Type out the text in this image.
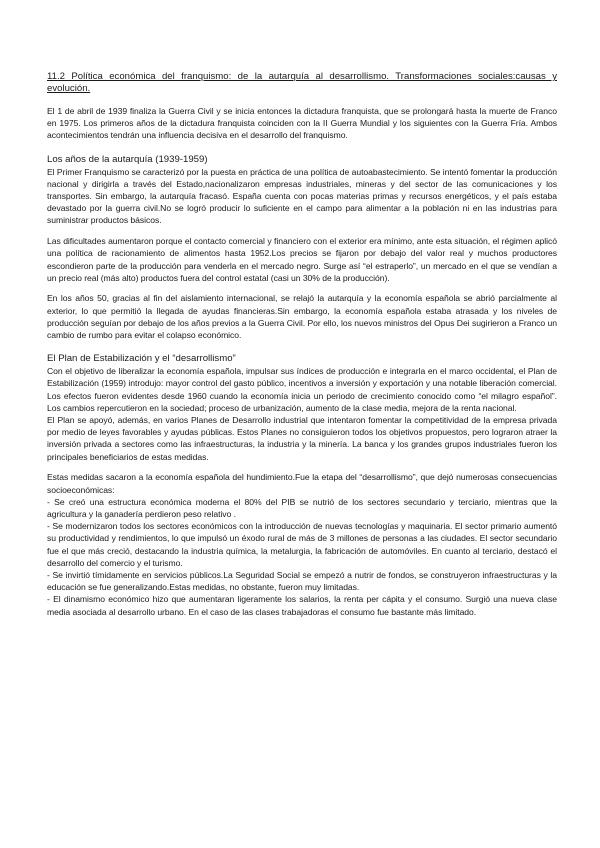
11.2 Política económica del franquismo: de la autarquía al desarrollismo. Transformaciones sociales:causas y evolución.

El 1 de abril de 1939 finaliza la Guerra Civil y se inicia entonces la dictadura franquista, que se prolongará hasta la muerte de Franco en 1975. Los primeros años de la dictadura franquista coinciden con la II Guerra Mundial y los siguientes con la Guerra Fría. Ambos acontecimientos tendrán una influencia decisiva en el desarrollo del franquismo.

Los años de la autarquía (1939-1959)

El Primer Franquismo se caracterizó por la puesta en práctica de una política de autoabastecimiento. Se intentó fomentar la producción nacional y dirigirla a través del Estado,nacionalizaron empresas industriales, mineras y del sector de las comunicaciones y los transportes. Sin embargo, la autarquía fracasó. España cuenta con pocas materias primas y recursos energéticos, y el país estaba devastado por la guerra civil.No se logró producir lo suficiente en el campo para alimentar a la población ni en las industrias para suministrar productos básicos.

Las dificultades aumentaron porque el contacto comercial y financiero con el exterior era mínimo, ante esta situación, el régimen aplicó una política de racionamiento de alimentos hasta 1952.Los precios se fijaron por debajo del valor real y muchos productores escondieron parte de la producción para venderla en el mercado negro. Surge así “el estraperlo”, un mercado en el que se vendían a un precio real (más alto) productos fuera del control estatal (casi un 30% de la producción).

En los años 50, gracias al fin del aislamiento internacional, se relajó la autarquía y la economía española se abrió parcialmente al exterior, lo que permitió la llegada de ayudas financieras.Sin embargo, la economía española estaba atrasada y los niveles de producción seguían por debajo de los años previos a la Guerra Civil. Por ello, los nuevos ministros del Opus Dei sugirieron a Franco un cambio de rumbo para evitar el colapso económico.

El Plan de Estabilización y el “desarrollismo”

Con el objetivo de liberalizar la economía española, impulsar sus índices de producción e integrarla en el marco occidental, el Plan de Estabilización (1959) introdujo: mayor control del gasto público, incentivos a inversión y exportación y una notable liberación comercial. Los efectos fueron evidentes desde 1960 cuando la economía inicia un periodo de crecimiento conocido como “el milagro español”. Los cambios repercutieron en la sociedad; proceso de urbanización, aumento de la clase media, mejora de la renta nacional.

El Plan se apoyó, además, en varios Planes de Desarrollo industrial que intentaron fomentar la competitividad de la empresa privada por medio de leyes favorables y ayudas públicas. Estos Planes no consiguieron todos los objetivos propuestos, pero lograron atraer la inversión privada a sectores como las infraestructuras, la industria y la minería. La banca y los grandes grupos industriales fueron los principales beneficiarios de estas medidas.

Estas medidas sacaron a la economía española del hundimiento.Fue la etapa del “desarrollismo”, que dejó numerosas consecuencias socioeconómicas:

- Se creó una estructura económica moderna el 80% del PIB se nutrió de los sectores secundario y terciario, mientras que la agricultura y la ganadería perdieron peso relativo .

- Se modernizaron todos los sectores económicos con la introducción de nuevas tecnologías y maquinaria. El sector primario aumentó su productividad y rendimientos, lo que impulsó un éxodo rural de más de 3 millones de personas a las ciudades. El sector secundario fue el que más creció, destacando la industria química, la metalurgia, la fabricación de automóviles. En cuanto al terciario, destacó el desarrollo del comercio y el turismo.

- Se invirtió tímidamente en servicios públicos.La Seguridad Social se empezó a nutrir de fondos, se construyeron infraestructuras y la educación se fue generalizando.Estas medidas, no obstante, fueron muy limitadas.

- El dinamismo económico hizo que aumentaran ligeramente los salarios, la renta per cápita y el consumo. Surgió una nueva clase media asociada al desarrollo urbano. En el caso de las clases trabajadoras el consumo fue bastante más limitado.
